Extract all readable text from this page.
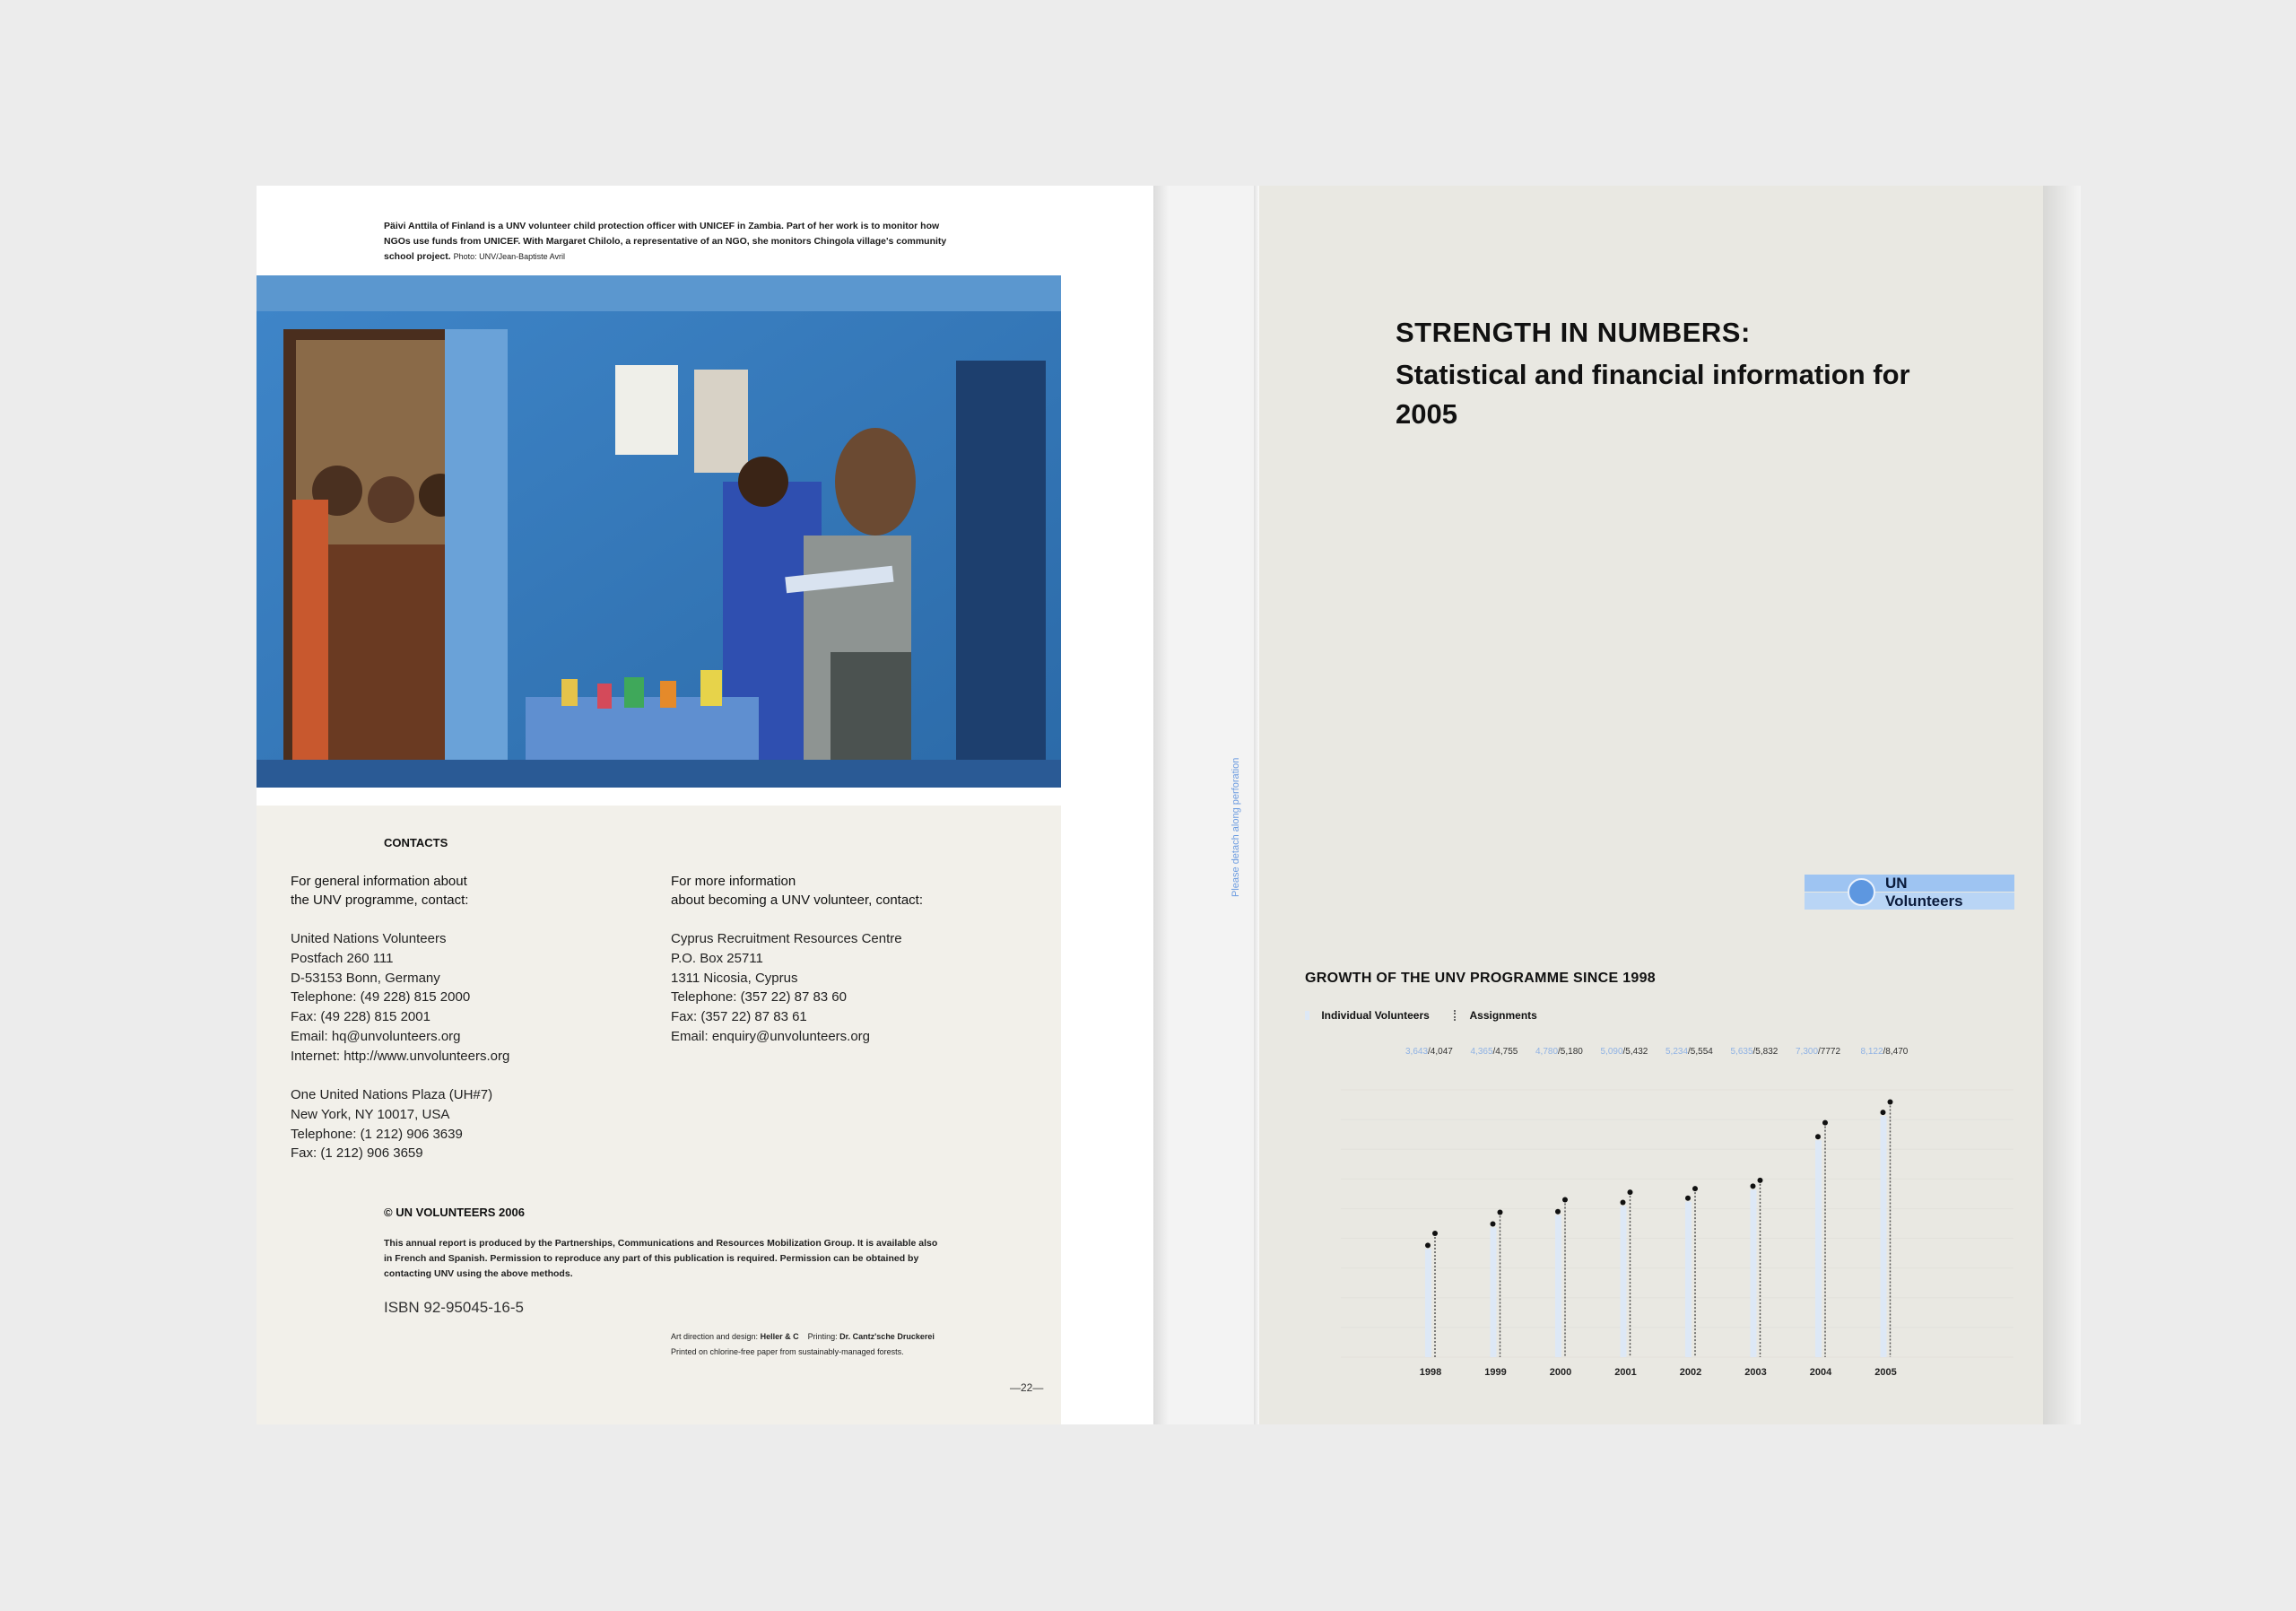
Päivi Anttila of Finland is a UNV volunteer child protection officer with UNICEF in Zambia. Part of her work is to monitor how NGOs use funds from UNICEF. With Margaret Chilolo, a representative of an NGO, she monitors Chingola village's community school project. Photo: UNV/Jean-Baptiste Avril
CONTACTS
For general information about
the UNV programme, contact:
United Nations Volunteers
Postfach 260 111
D-53153 Bonn, Germany
Telephone: (49 228) 815 2000
Fax: (49 228) 815 2001
Email: hq@unvolunteers.org
Internet: http://www.unvolunteers.org
One United Nations Plaza (UH#7)
New York, NY 10017, USA
Telephone: (1 212) 906 3639
Fax: (1 212) 906 3659
For more information
about becoming a UNV volunteer, contact:
Cyprus Recruitment Resources Centre
P.O. Box 25711
1311 Nicosia, Cyprus
Telephone: (357 22) 87 83 60
Fax: (357 22) 87 83 61
Email: enquiry@unvolunteers.org
© UN VOLUNTEERS 2006
This annual report is produced by the Partnerships, Communications and Resources Mobilization Group. It is available also in French and Spanish. Permission to reproduce any part of this publication is required. Permission can be obtained by contacting UNV using the above methods.
ISBN 92-95045-16-5
Art direction and design: Heller & C Printing: Dr. Cantz'sche Druckerei
Printed on chlorine-free paper from sustainably-managed forests.
—22—
Please detach along perforation
STRENGTH IN NUMBERS:
Statistical and financial information for 2005
UN
Volunteers
GROWTH OF THE UNV PROGRAMME SINCE 1998
Individual Volunteers	Assignments
1998
3,643/4,047
1999
4,365/4,755
2000
4,780/5,180
2001
5,090/5,432
2002
5,234/5,554
2003
5,635/5,832
2004
7,300/7772
2005
8,122/8,470
